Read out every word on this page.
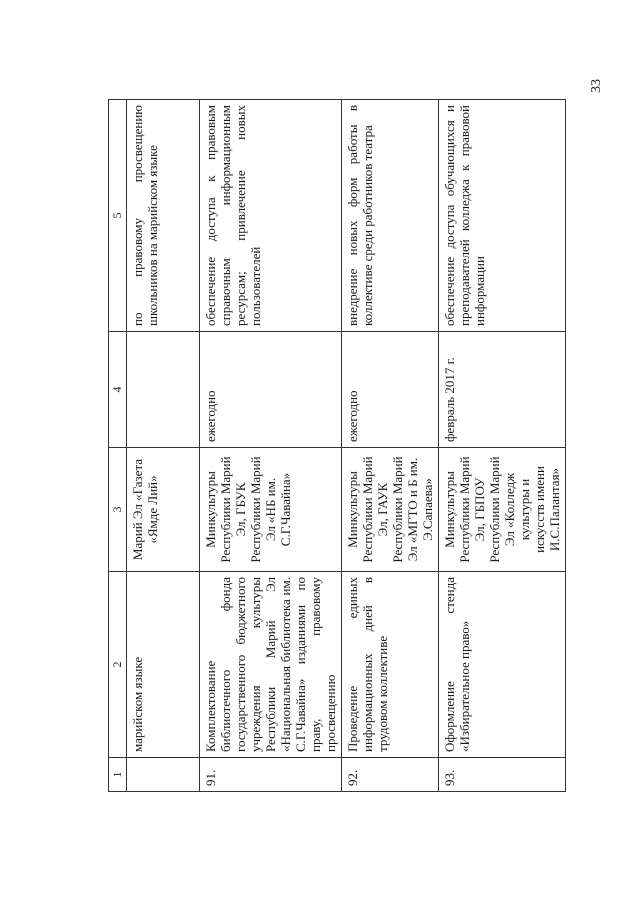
33
1	2	3	4	5
	марийском языке	Марий Эл «Газета «Ямде Лий»		по правовому просвещению школьников на марийском языке
91.	Комплектование библиотечного фонда государственного бюджетного учреждения культуры Республики Марий Эл «Национальная библиотека им. С.Г.Чавайна» изданиями по праву, правовому просвещению	Минкультуры Республики Марий Эл, ГБУК Республики Марий Эл «НБ им. С.Г.Чавайна»	ежегодно	обеспечение доступа к правовым справочным информационным ресурсам; привлечение новых пользователей
92.	Проведение единых информационных дней в трудовом коллективе	Минкультуры Республики Марий Эл, ГАУК Республики Марий Эл «МГТО и Б им. Э.Сапаева»	ежегодно	внедрение новых форм работы в коллективе среди работников театра
93.	Оформление стенда «Избирательное право»	Минкультуры Республики Марий Эл, ГБПОУ Республики Марий Эл «Колледж культуры и искусств имени И.С.Палантая»	февраль 2017 г.	обеспечение доступа обучающихся и преподавателей колледжа к правовой информации
